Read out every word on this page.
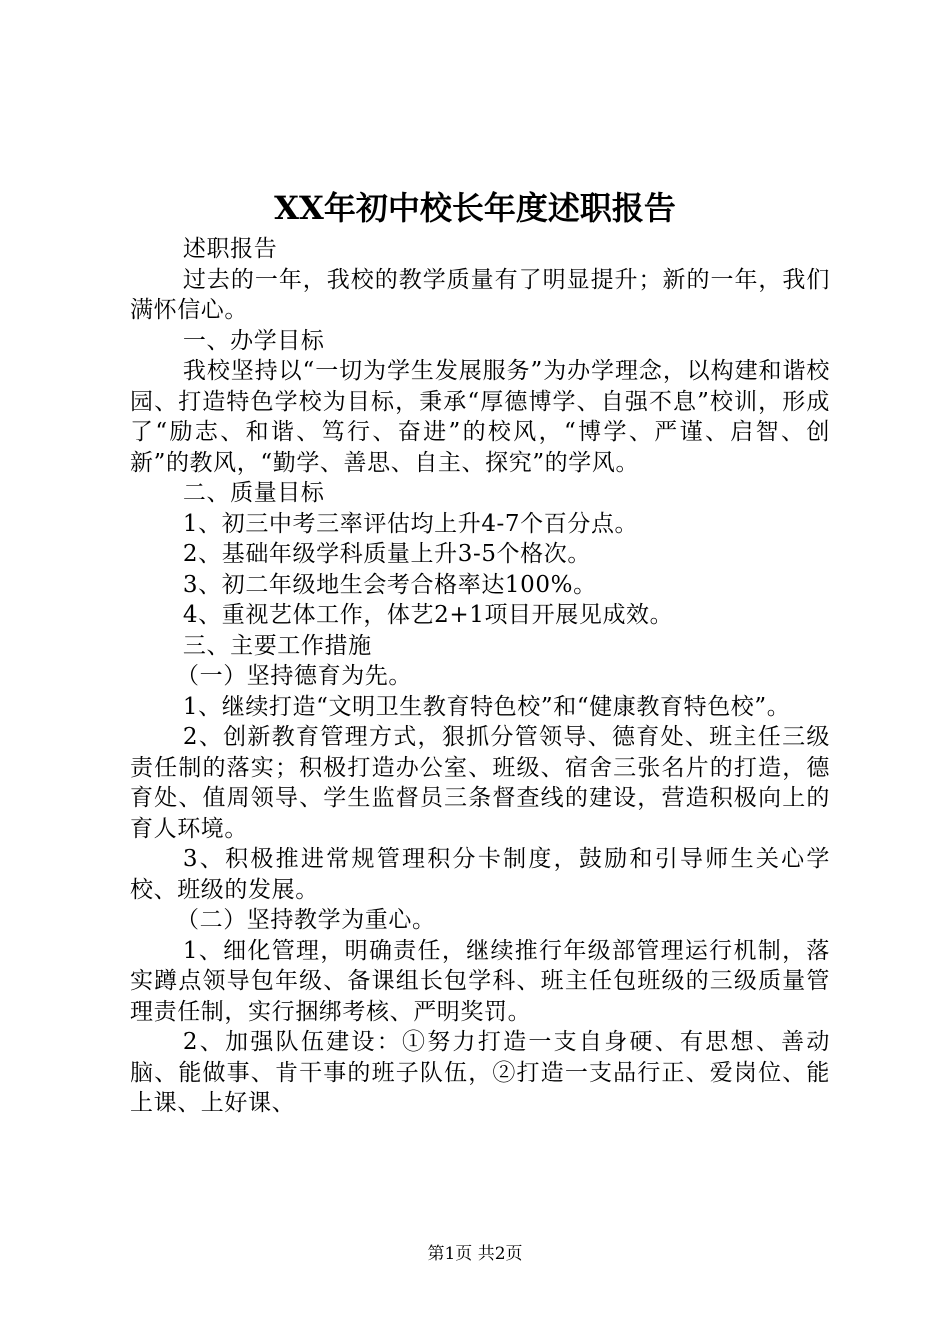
XX年初中校长年度述职报告

述职报告

过去的一年，我校的教学质量有了明显提升；新的一年，我们满怀信心。

一、办学目标

我校坚持以“一切为学生发展服务”为办学理念，以构建和谐校园、打造特色学校为目标，秉承“厚德博学、自强不息”校训，形成了“励志、和谐、笃行、奋进”的校风，“博学、严谨、启智、创新”的教风，“勤学、善思、自主、探究”的学风。

二、质量目标

1、初三中考三率评估均上升4-7个百分点。

2、基础年级学科质量上升3-5个格次。

3、初二年级地生会考合格率达100%。

4、重视艺体工作，体艺2+1项目开展见成效。

三、主要工作措施

（一）坚持德育为先。

1、继续打造“文明卫生教育特色校”和“健康教育特色校”。

2、创新教育管理方式，狠抓分管领导、德育处、班主任三级责任制的落实；积极打造办公室、班级、宿舍三张名片的打造，德育处、值周领导、学生监督员三条督查线的建设，营造积极向上的育人环境。

3、积极推进常规管理积分卡制度，鼓励和引导师生关心学校、班级的发展。

（二）坚持教学为重心。

1、细化管理，明确责任，继续推行年级部管理运行机制，落实蹲点领导包年级、备课组长包学科、班主任包班级的三级质量管理责任制，实行捆绑考核、严明奖罚。

2、加强队伍建设：①努力打造一支自身硬、有思想、善动脑、能做事、肯干事的班子队伍，②打造一支品行正、爱岗位、能上课、上好课、

第1页 共2页
